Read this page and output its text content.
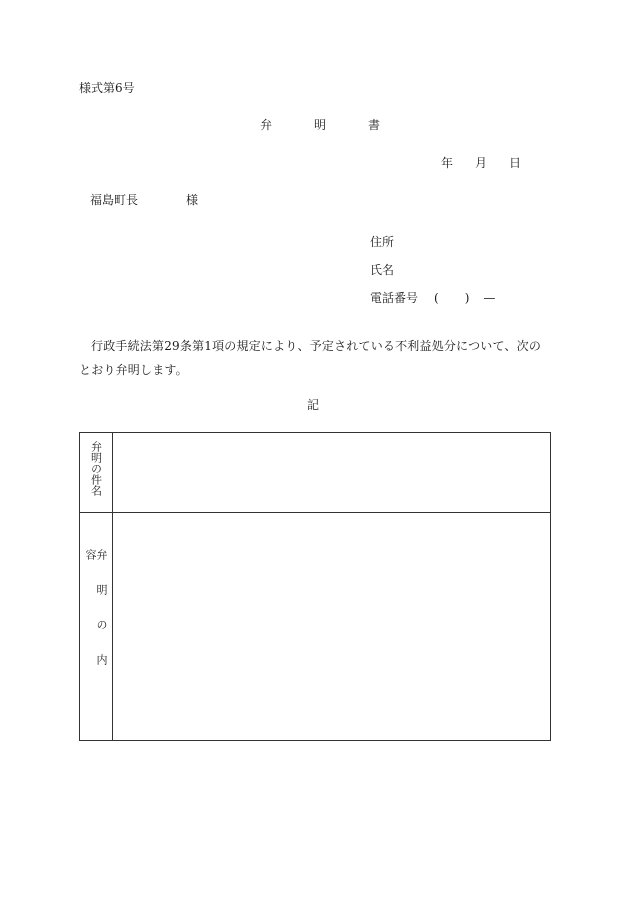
様式第6号
弁	明	書
年 月 日
福島町長	様
住所
氏名
電話番号 ( ) —
行政手続法第29条第1項の規定により、予定されている不利益処分について、次のとおり弁明します。
記
弁明の件名
弁明の内容
